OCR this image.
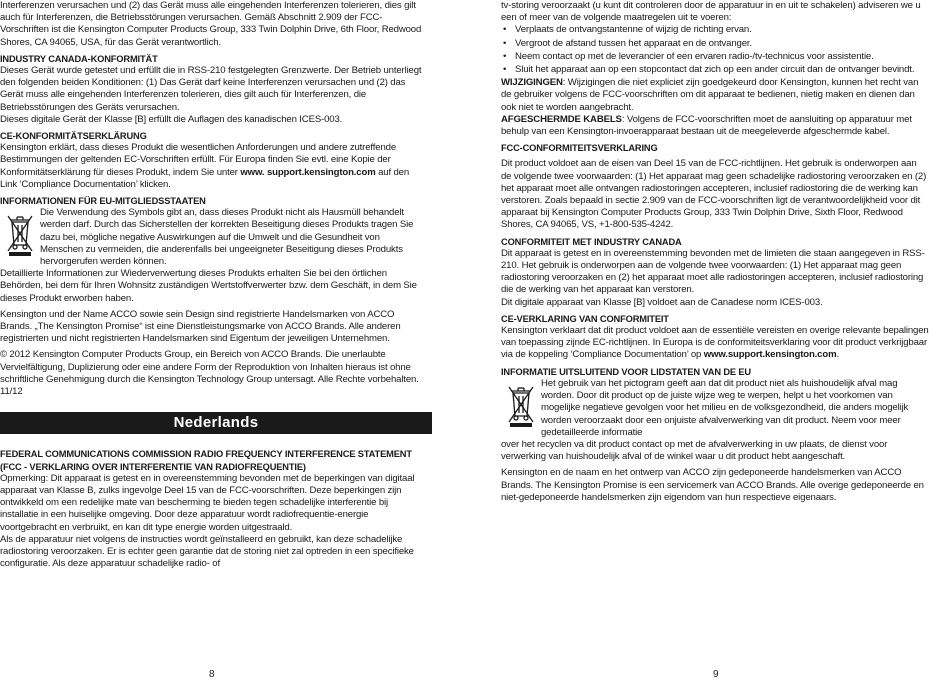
Interferenzen verursachen und (2) das Gerät muss alle eingehenden Interferenzen tolerieren, dies gilt auch für Interferenzen, die Betriebsstörungen verursachen. Gemäß Abschnitt 2.909 der FCC-Vorschriften ist die Kensington Computer Products Group, 333 Twin Dolphin Drive, 6th Floor, Redwood Shores, CA 94065, USA, für das Gerät verantwortlich.

INDUSTRY CANADA-KONFORMITÄT

Dieses Gerät wurde getestet und erfüllt die in RSS-210 festgelegten Grenzwerte. Der Betrieb unterliegt den folgenden beiden Konditionen: (1) Das Gerät darf keine Interferenzen verursachen und (2) das Gerät muss alle eingehenden Interferenzen tolerieren, dies gilt auch für Interferenzen, die Betriebsstörungen des Geräts verursachen.

Dieses digitale Gerät der Klasse [B] erfüllt die Auflagen des kanadischen ICES-003.

CE-KONFORMITÄTSERKLÄRUNG

Kensington erklärt, dass dieses Produkt die wesentlichen Anforderungen und andere zutreffende Bestimmungen der geltenden EC-Vorschriften erfüllt. Für Europa finden Sie evtl. eine Kopie der Konformitätserklärung für dieses Produkt, indem Sie unter www. support.kensington.com auf den Link ‘Compliance Documentation’ klicken.

INFORMATIONEN FÜR EU-MITGLIEDSSTAATEN
Die Verwendung des Symbols gibt an, dass dieses Produkt nicht als Hausmüll behandelt werden darf. Durch das Sicherstellen der korrekten Beseitigung dieses Produkts tragen Sie dazu bei, mögliche negative Auswirkungen auf die Umwelt und die Gesundheit von Menschen zu vermeiden, die anderenfalls bei ungeeigneter Beseitigung dieses Produkts hervorgerufen werden können.

Detaillierte Informationen zur Wiederverwertung dieses Produkts erhalten Sie bei den örtlichen Behörden, bei dem für Ihren Wohnsitz zuständigen Wertstoffverwerter bzw. dem Geschäft, in dem Sie dieses Produkt erworben haben.

Kensington und der Name ACCO sowie sein Design sind registrierte Handelsmarken von ACCO Brands. „The Kensington Promise“ ist eine Dienstleistungsmarke von ACCO Brands. Alle anderen registrierten und nicht registrierten Handelsmarken sind Eigentum der jeweiligen Unternehmen.

© 2012 Kensington Computer Products Group, ein Bereich von ACCO Brands. Die unerlaubte Vervielfältigung, Duplizierung oder eine andere Form der Reproduktion von Inhalten hieraus ist ohne schriftliche Genehmigung durch die Kensington Technology Group untersagt. Alle Rechte vorbehalten. 11/12

Nederlands
FEDERAL COMMUNICATIONS COMMISSION RADIO FREQUENCY INTERFERENCE STATEMENT (FCC - VERKLARING OVER INTERFERENTIE VAN RADIOFREQUENTIE)

Opmerking: Dit apparaat is getest en in overeenstemming bevonden met de beperkingen van digitaal apparaat van Klasse B, zulks ingevolge Deel 15 van de FCC-voorschriften. Deze beperkingen zijn ontwikkeld om een redelijke mate van bescherming te bieden tegen schadelijke interferentie bij installatie in een huiselijke omgeving. Door deze apparatuur wordt radiofrequentie-energie voortgebracht en verbruikt, en kan dit type energie worden uitgestraald.

Als de apparatuur niet volgens de instructies wordt geïnstalleerd en gebruikt, kan deze schadelijke radiostoring veroorzaken. Er is echter geen garantie dat de storing niet zal optreden in een specifieke configuratie. Als deze apparatuur schadelijke radio- of

8

tv-storing veroorzaakt (u kunt dit controleren door de apparatuur in en uit te schakelen) adviseren we u een of meer van de volgende maatregelen uit te voeren:

• Verplaats de ontvangstantenne of wijzig de richting ervan.
• Vergroot de afstand tussen het apparaat en de ontvanger.
• Neem contact op met de leverancier of een ervaren radio-/tv-technicus voor assistentie.
• Sluit het apparaat aan op een stopcontact dat zich op een ander circuit dan de ontvanger bevindt.

WIJZIGINGEN: Wijzigingen die niet expliciet zijn goedgekeurd door Kensington, kunnen het recht van de gebruiker volgens de FCC-voorschriften om dit apparaat te bedienen, nietig maken en dienen dan ook niet te worden aangebracht.

AFGESCHERMDE KABELS: Volgens de FCC-voorschriften moet de aansluiting op apparatuur met behulp van een Kensington-invoerapparaat bestaan uit de meegeleverde afgeschermde kabel.

FCC-CONFORMITEITSVERKLARING

Dit product voldoet aan de eisen van Deel 15 van de FCC-richtlijnen. Het gebruik is onderworpen aan de volgende twee voorwaarden: (1) Het apparaat mag geen schadelijke radiostoring veroorzaken en (2) het apparaat moet alle ontvangen radiostoringen accepteren, inclusief radiostoring die de werking kan verstoren. Zoals bepaald in sectie 2.909 van de FCC-voorschriften ligt de verantwoordelijkheid voor dit apparaat bij Kensington Computer Products Group, 333 Twin Dolphin Drive, Sixth Floor, Redwood Shores, CA 94065, VS, +1-800-535-4242.

CONFORMITEIT MET INDUSTRY CANADA

Dit apparaat is getest en in overeenstemming bevonden met de limieten die staan aangegeven in RSS-210. Het gebruik is onderworpen aan de volgende twee voorwaarden: (1) Het apparaat mag geen radiostoring veroorzaken en (2) het apparaat moet alle radiostoringen accepteren, inclusief radiostoring die de werking van het apparaat kan verstoren.

Dit digitale apparaat van Klasse [B] voldoet aan de Canadese norm ICES-003.

CE-VERKLARING VAN CONFORMITEIT

Kensington verklaart dat dit product voldoet aan de essentiële vereisten en overige relevante bepalingen van toepassing zijnde EC-richtlijnen. In Europa is de conformiteitsverklaring voor dit product verkrijgbaar via de koppeling ‘Compliance Documentation’ op www.support.kensington.com.

INFORMATIE UITSLUITEND VOOR LIDSTATEN VAN DE EU
Het gebruik van het pictogram geeft aan dat dit product niet als huishoudelijk afval mag worden. Door dit product op de juiste wijze weg te werpen, helpt u het voorkomen van mogelijke negatieve gevolgen voor het milieu en de volksgezondheid, die anders mogelijk worden veroorzaakt door een onjuiste afvalverwerking van dit product. Neem voor meer gedetailleerde informatie

over het recyclen va dit product contact op met de afvalverwerking in uw plaats, de dienst voor verwerking van huishoudelijk afval of de winkel waar u dit product hebt aangeschaft.

Kensington en de naam en het ontwerp van ACCO zijn gedeponeerde handelsmerken van ACCO Brands. The Kensington Promise is een servicemerk van ACCO Brands. Alle overige gedeponeerde en niet-gedeponeerde handelsmerken zijn eigendom van hun respectieve eigenaars.

9
